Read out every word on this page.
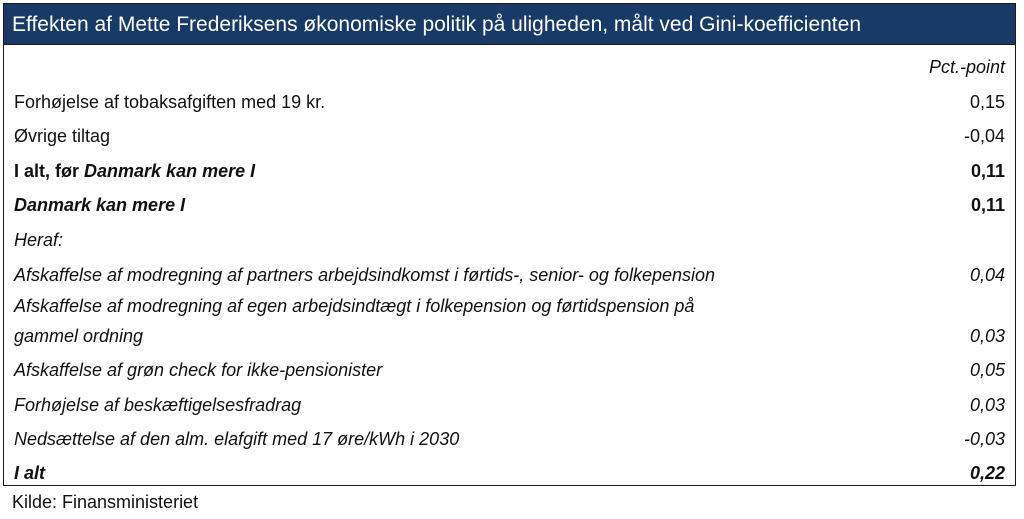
Effekten af Mette Frederiksens økonomiske politik på uligheden, målt ved Gini-koefficienten
Pct.-point
Forhøjelse af tobaksafgiften med 19 kr.	0,15
Øvrige tiltag	-0,04
I alt, før Danmark kan mere I	0,11
Danmark kan mere I	0,11
Heraf:
Afskaffelse af modregning af partners arbejdsindkomst i førtids-, senior- og folkepension	0,04
Afskaffelse af modregning af egen arbejdsindtægt i folkepension og førtidspension på
gammel ordning	0,03
Afskaffelse af grøn check for ikke-pensionister	0,05
Forhøjelse af beskæftigelsesfradrag	0,03
Nedsættelse af den alm. elafgift med 17 øre/kWh i 2030	-0,03
I alt	0,22
Kilde: Finansministeriet
